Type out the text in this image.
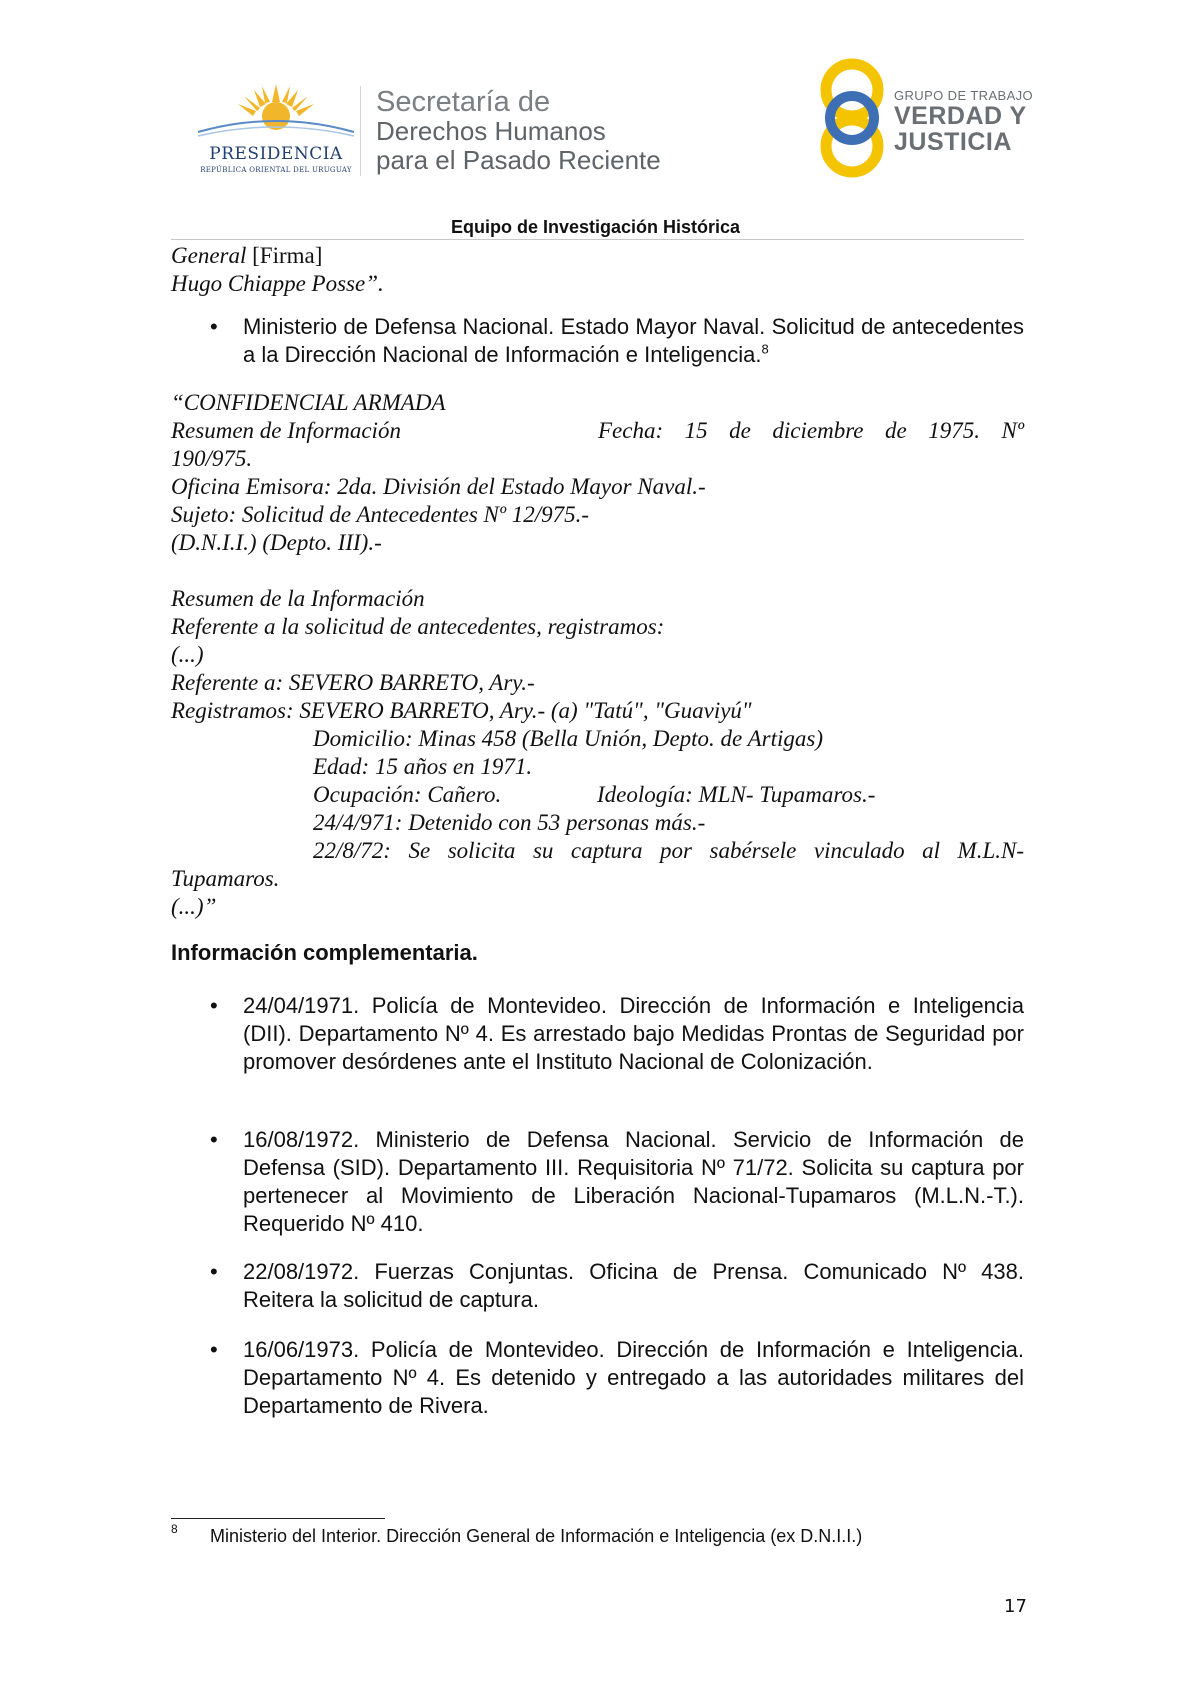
PRESIDENCIA
REPÚBLICA ORIENTAL DEL URUGUAY
Secretaría de
Derechos Humanos
para el Pasado Reciente
GRUPO DE TRABAJO
VERDAD Y
JUSTICIA
Equipo de Investigación Histórica
General [Firma]
Hugo Chiappe Posse”.
• Ministerio de Defensa Nacional. Estado Mayor Naval. Solicitud de antecedentes a la Dirección Nacional de Información e Inteligencia.$^8$
“CONFIDENCIAL ARMADA
Resumen de Información	Fecha: 15 de diciembre de 1975. Nº
190/975.
Oficina Emisora: 2da. División del Estado Mayor Naval.-
Sujeto: Solicitud de Antecedentes Nº 12/975.-
(D.N.I.I.) (Depto. III).-
Resumen de la Información
Referente a la solicitud de antecedentes, registramos:
(...)
Referente a: SEVERO BARRETO, Ary.-
Registramos: SEVERO BARRETO, Ary.- (a) "Tatú", "Guaviyú"
Domicilio: Minas 458 (Bella Unión, Depto. de Artigas)
Edad: 15 años en 1971.
Ocupación: Cañero.	Ideología: MLN- Tupamaros.-
24/4/971: Detenido con 53 personas más.-
22/8/72: Se solicita su captura por sabérsele vinculado al M.L.N-
Tupamaros.
(...)”
Información complementaria.
• 24/04/1971. Policía de Montevideo. Dirección de Información e Inteligencia (DII). Departamento Nº 4. Es arrestado bajo Medidas Prontas de Seguridad por promover desórdenes ante el Instituto Nacional de Colonización.
• 16/08/1972. Ministerio de Defensa Nacional. Servicio de Información de Defensa (SID). Departamento III. Requisitoria Nº 71/72. Solicita su captura por pertenecer al Movimiento de Liberación Nacional-Tupamaros (M.L.N.-T.). Requerido Nº 410.
• 22/08/1972. Fuerzas Conjuntas. Oficina de Prensa. Comunicado Nº 438. Reitera la solicitud de captura.
• 16/06/1973. Policía de Montevideo. Dirección de Información e Inteligencia. Departamento Nº 4. Es detenido y entregado a las autoridades militares del Departamento de Rivera.
8 Ministerio del Interior. Dirección General de Información e Inteligencia (ex D.N.I.I.)
17
